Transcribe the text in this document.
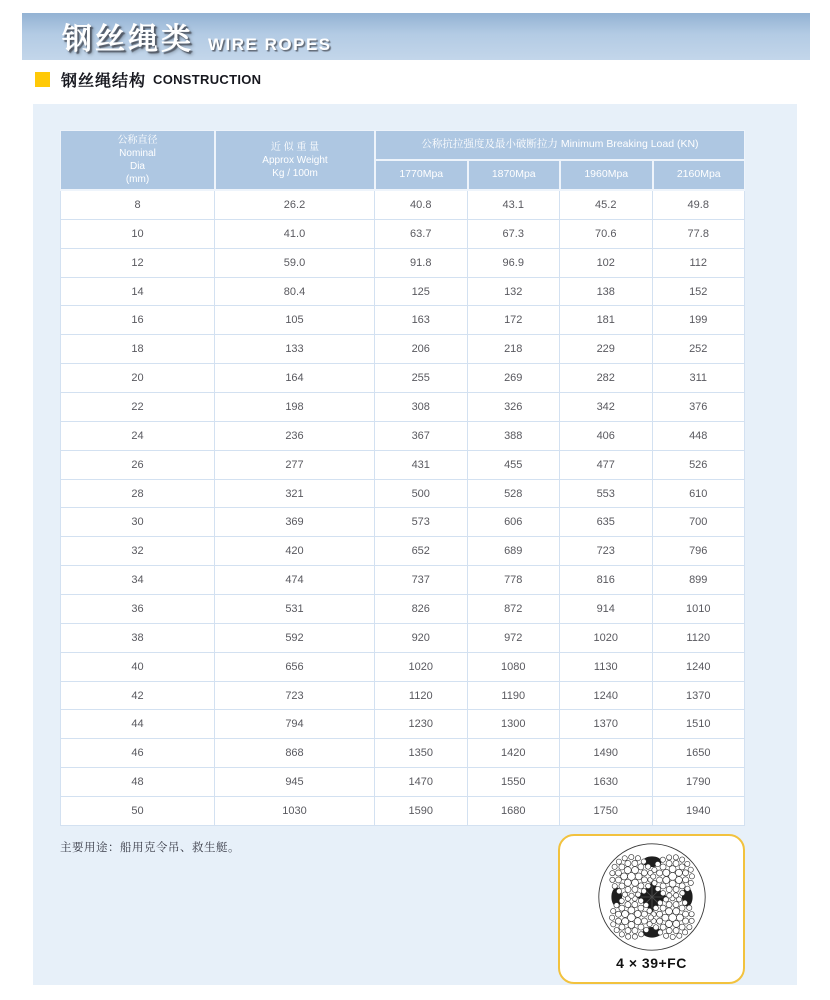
钢丝绳类 WIRE ROPES
钢丝绳结构 CONSTRUCTION
公称直径
Nominal
Dia
(mm)
近 似 重 量
Approx Weight
Kg / 100m
公称抗拉强度及最小破断拉力 Minimum Breaking Load (KN)
1770Mpa	1870Mpa	1960Mpa	2160Mpa
8	26.2	40.8	43.1	45.2	49.8
10	41.0	63.7	67.3	70.6	77.8
12	59.0	91.8	96.9	102	112
14	80.4	125	132	138	152
16	105	163	172	181	199
18	133	206	218	229	252
20	164	255	269	282	311
22	198	308	326	342	376
24	236	367	388	406	448
26	277	431	455	477	526
28	321	500	528	553	610
30	369	573	606	635	700
32	420	652	689	723	796
34	474	737	778	816	899
36	531	826	872	914	1010
38	592	920	972	1020	1120
40	656	1020	1080	1130	1240
42	723	1120	1190	1240	1370
44	794	1230	1300	1370	1510
46	868	1350	1420	1490	1650
48	945	1470	1550	1630	1790
50	1030	1590	1680	1750	1940
主要用途：船用克令吊、救生艇。
4 × 39+FC
